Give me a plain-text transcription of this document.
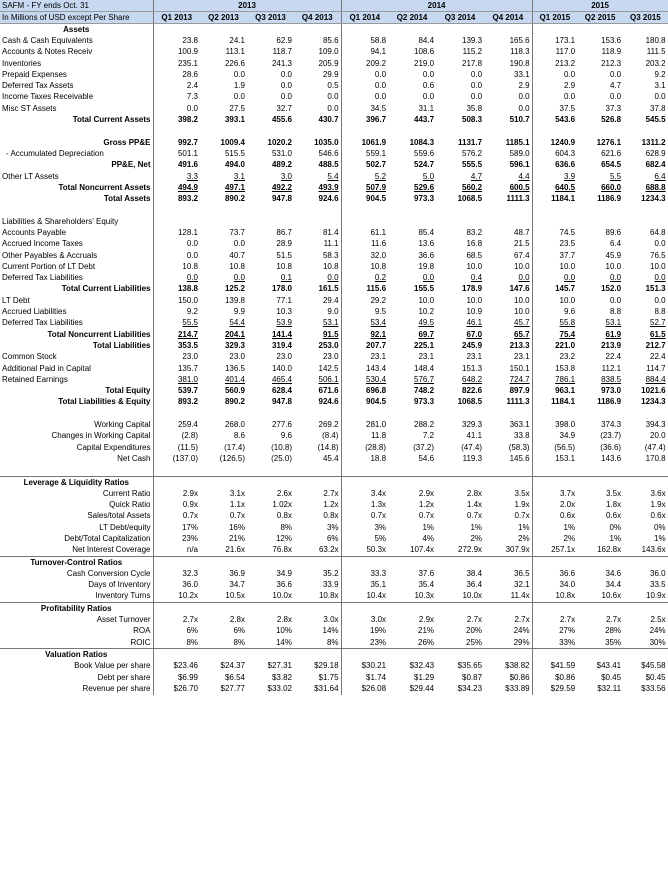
SAFM - FY ends Oct. 31	2013				2014				2015		
In Millions of USD except Per Share	Q1 2013	Q2 2013	Q3 2013	Q4 2013	Q1 2014	Q2 2014	Q3 2014	Q4 2014	Q1 2015	Q2 2015	Q3 2015
Assets											
Cash & Cash Equivalents	23.8	24.1	62.9	85.6	58.8	84.4	139.3	165.6	173.1	153.6	180.8
Accounts & Notes Receiv	100.9	113.1	118.7	109.0	94.1	108.6	115.2	118.3	117.0	118.9	111.5
Inventories	235.1	226.6	241.3	205.9	209.2	219.0	217.8	190.8	213.2	212.3	203.2
Prepaid Expenses	28.6	0.0	0.0	29.9	0.0	0.0	0.0	33.1	0.0	0.0	9.2
Deferred Tax Assets	2.4	1.9	0.0	0.5	0.0	0.6	0.0	2.9	2.9	4.7	3.1
Income Taxes Receivable	7.3	0.0	0.0	0.0	0.0	0.0	0.0	0.0	0.0	0.0	0.0
Misc ST Assets	0.0	27.5	32.7	0.0	34.5	31.1	35.8	0.0	37.5	37.3	37.8
Total Current Assets	398.2	393.1	455.6	430.7	396.7	443.7	508.3	510.7	543.6	526.8	545.5

Gross PP&E	992.7	1009.4	1020.2	1035.0	1061.9	1084.3	1131.7	1185.1	1240.9	1276.1	1311.2
- Accumulated Depreciation	501.1	515.5	531.0	546.6	559.1	559.6	576.2	589.0	604.3	621.6	628.9
PP&E, Net	491.6	494.0	489.2	488.5	502.7	524.7	555.5	596.1	636.6	654.5	682.4
Other LT Assets	3.3	3.1	3.0	5.4	5.2	5.0	4.7	4.4	3.9	5.5	6.4
Total Noncurrent Assets	494.9	497.1	492.2	493.9	507.9	529.6	560.2	600.5	640.5	660.0	688.8
Total Assets	893.2	890.2	947.8	924.6	904.5	973.3	1068.5	1111.3	1184.1	1186.9	1234.3

Liabilities & Shareholders' Equity											
Accounts Payable	128.1	73.7	86.7	81.4	61.1	85.4	83.2	48.7	74.5	89.6	64.8
Accrued Income Taxes	0.0	0.0	28.9	11.1	11.6	13.6	16.8	21.5	23.5	6.4	0.0
Other Payables & Accruals	0.0	40.7	51.5	58.3	32.0	36.6	68.5	67.4	37.7	45.9	76.5
Current Portion of LT Debt	10.8	10.8	10.8	10.8	10.8	19.8	10.0	10.0	10.0	10.0	10.0
Deferred Tax Liabilities	0.0	0.0	0.1	0.0	0.2	0.0	0.4	0.0	0.0	0.0	0.0
Total Current Liabilities	138.8	125.2	178.0	161.5	115.6	155.5	178.9	147.6	145.7	152.0	151.3
LT Debt	150.0	139.8	77.1	29.4	29.2	10.0	10.0	10.0	10.0	0.0	0.0
Accrued Liabilities	9.2	9.9	10.3	9.0	9.5	10.2	10.9	10.0	9.6	8.8	8.8
Deferred Tax Liabilities	55.5	54.4	53.9	53.1	53.4	49.5	46.1	45.7	55.8	53.1	52.7
Total Noncurrent Liabilities	214.7	204.1	141.4	91.5	92.1	69.7	67.0	65.7	75.4	61.9	61.5
Total Liabilities	353.5	329.3	319.4	253.0	207.7	225.1	245.9	213.3	221.0	213.9	212.7
Common Stock	23.0	23.0	23.0	23.0	23.1	23.1	23.1	23.1	23.2	22.4	22.4
Additional Paid in Capital	135.7	136.5	140.0	142.5	143.4	148.4	151.3	150.1	153.8	112.1	114.7
Retained Earnings	381.0	401.4	465.4	506.1	530.4	576.7	648.2	724.7	786.1	838.5	884.4
Total Equity	539.7	560.9	628.4	671.6	696.8	748.2	822.6	897.9	963.1	973.0	1021.6
Total Liabilities & Equity	893.2	890.2	947.8	924.6	904.5	973.3	1068.5	1111.3	1184.1	1186.9	1234.3

Working Capital	259.4	268.0	277.6	269.2	281.0	288.2	329.3	363.1	398.0	374.3	394.3
Changes in Working Capital	(2.8)	8.6	9.6	(8.4)	11.8	7.2	41.1	33.8	34.9	(23.7)	20.0
Capital Expenditures	(11.5)	(17.4)	(10.8)	(14.8)	(28.8)	(37.2)	(47.4)	(58.3)	(56.5)	(36.6)	(47.4)
Net Cash	(137.0)	(126.5)	(25.0)	45.4	18.8	54.6	119.3	145.6	153.1	143.6	170.8

Leverage & Liquidity Ratios											
Current Ratio	2.9x	3.1x	2.6x	2.7x	3.4x	2.9x	2.8x	3.5x	3.7x	3.5x	3.6x
Quick Ratio	0.9x	1.1x	1.02x	1.2x	1.3x	1.2x	1.4x	1.9x	2.0x	1.8x	1.9x
Sales/total Assets	0.7x	0.7x	0.8x	0.8x	0.7x	0.7x	0.7x	0.7x	0.6x	0.6x	0.6x
LT Debt/equity	17%	16%	8%	3%	3%	1%	1%	1%	1%	0%	0%
Debt/Total Capitalization	23%	21%	12%	6%	5%	4%	2%	2%	2%	1%	1%
Net Interest Coverage	n/a	21.6x	76.8x	63.2x	50.3x	107.4x	272.9x	307.9x	257.1x	162.8x	143.6x
Turnover-Control Ratios											
Cash Conversion Cycle	32.3	36.9	34.9	35.2	33.3	37.6	38.4	36.5	36.6	34.6	36.0
Days of Inventory	36.0	34.7	36.6	33.9	35.1	35.4	36.4	32.1	34.0	34.4	33.5
Inventory Turns	10.2x	10.5x	10.0x	10.8x	10.4x	10.3x	10.0x	11.4x	10.8x	10.6x	10.9x
Profitability Ratios											
Asset Turnover	2.7x	2.8x	2.8x	3.0x	3.0x	2.9x	2.7x	2.7x	2.7x	2.7x	2.5x
ROA	6%	6%	10%	14%	19%	21%	20%	24%	27%	28%	24%
ROIC	8%	8%	14%	8%	23%	26%	25%	29%	33%	35%	30%
Valuation Ratios											
Book Value per share	$23.46	$24.37	$27.31	$29.18	$30.21	$32.43	$35.65	$38.82	$41.59	$43.41	$45.58
Debt per share	$6.99	$6.54	$3.82	$1.75	$1.74	$1.29	$0.87	$0.86	$0.86	$0.45	$0.45
Revenue per share	$26.70	$27.77	$33.02	$31.64	$26.08	$29.44	$34.23	$33.89	$29.59	$32.11	$33.56
